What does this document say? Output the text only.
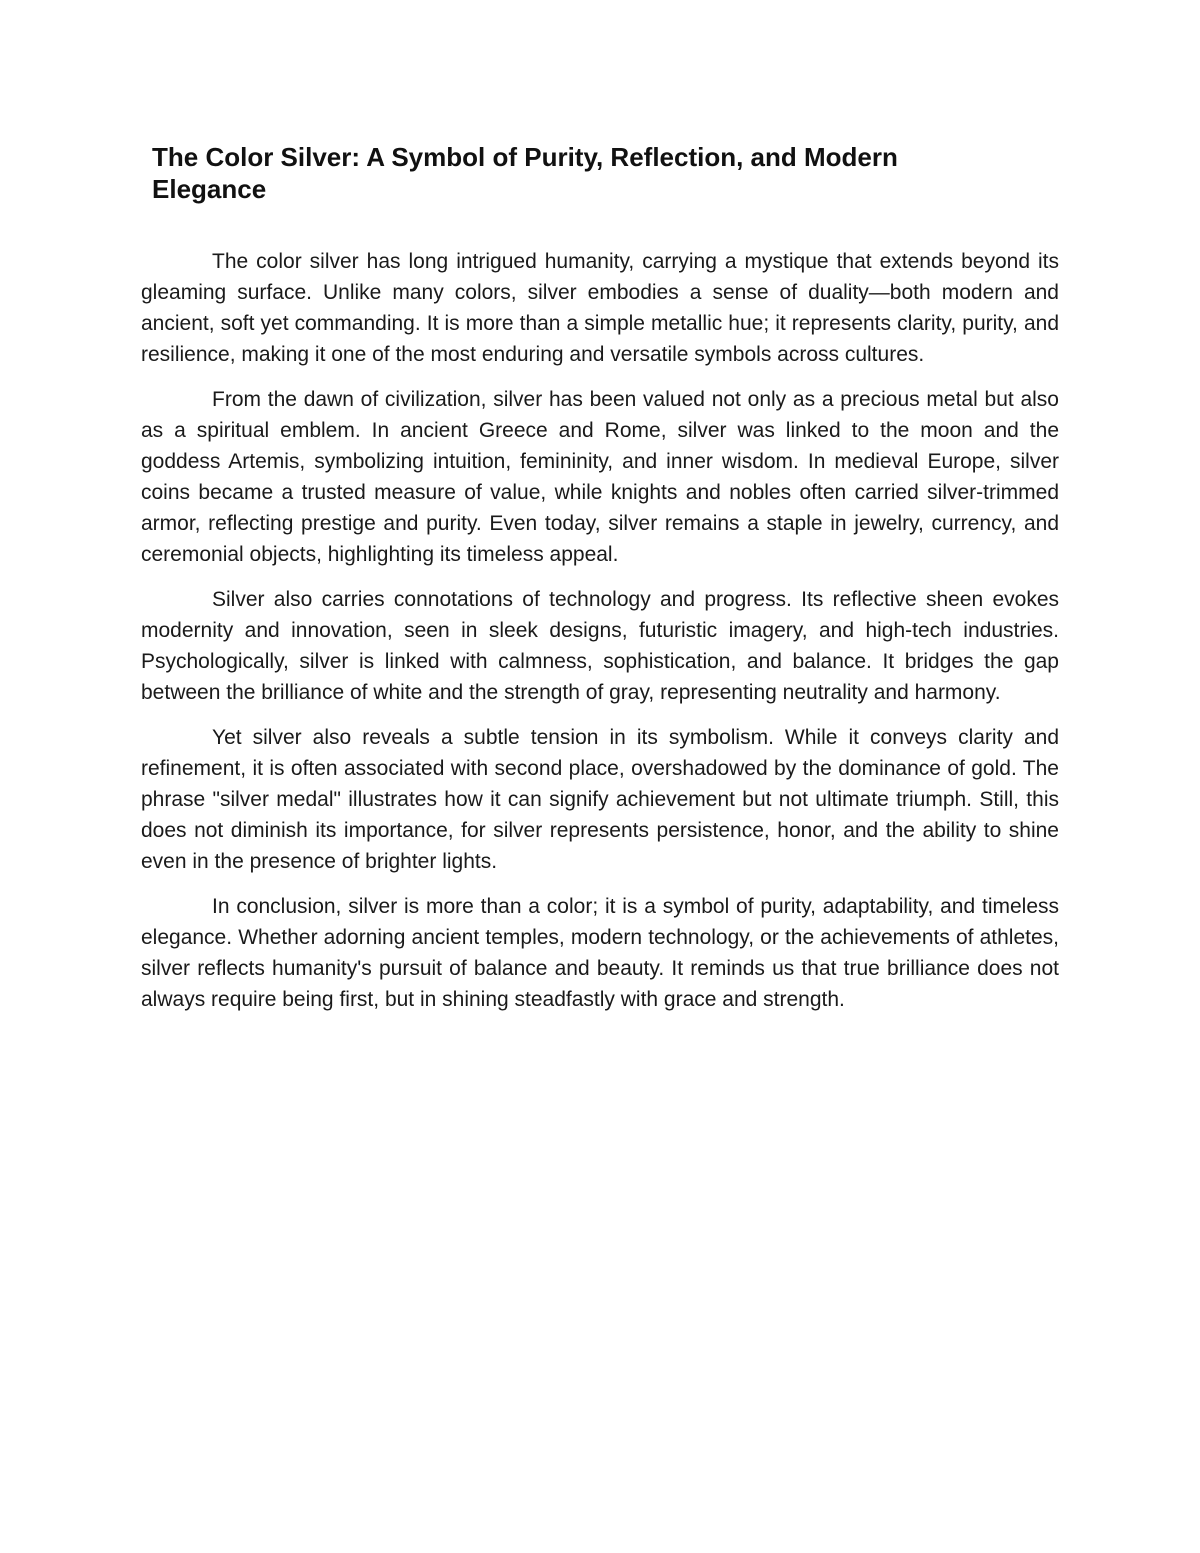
The Color Silver: A Symbol of Purity, Reflection, and Modern Elegance

The color silver has long intrigued humanity, carrying a mystique that extends beyond its gleaming surface. Unlike many colors, silver embodies a sense of duality—both modern and ancient, soft yet commanding. It is more than a simple metallic hue; it represents clarity, purity, and resilience, making it one of the most enduring and versatile symbols across cultures.

From the dawn of civilization, silver has been valued not only as a precious metal but also as a spiritual emblem. In ancient Greece and Rome, silver was linked to the moon and the goddess Artemis, symbolizing intuition, femininity, and inner wisdom. In medieval Europe, silver coins became a trusted measure of value, while knights and nobles often carried silver-trimmed armor, reflecting prestige and purity. Even today, silver remains a staple in jewelry, currency, and ceremonial objects, highlighting its timeless appeal.

Silver also carries connotations of technology and progress. Its reflective sheen evokes modernity and innovation, seen in sleek designs, futuristic imagery, and high-tech industries. Psychologically, silver is linked with calmness, sophistication, and balance. It bridges the gap between the brilliance of white and the strength of gray, representing neutrality and harmony.

Yet silver also reveals a subtle tension in its symbolism. While it conveys clarity and refinement, it is often associated with second place, overshadowed by the dominance of gold. The phrase "silver medal" illustrates how it can signify achievement but not ultimate triumph. Still, this does not diminish its importance, for silver represents persistence, honor, and the ability to shine even in the presence of brighter lights.

In conclusion, silver is more than a color; it is a symbol of purity, adaptability, and timeless elegance. Whether adorning ancient temples, modern technology, or the achievements of athletes, silver reflects humanity's pursuit of balance and beauty. It reminds us that true brilliance does not always require being first, but in shining steadfastly with grace and strength.
